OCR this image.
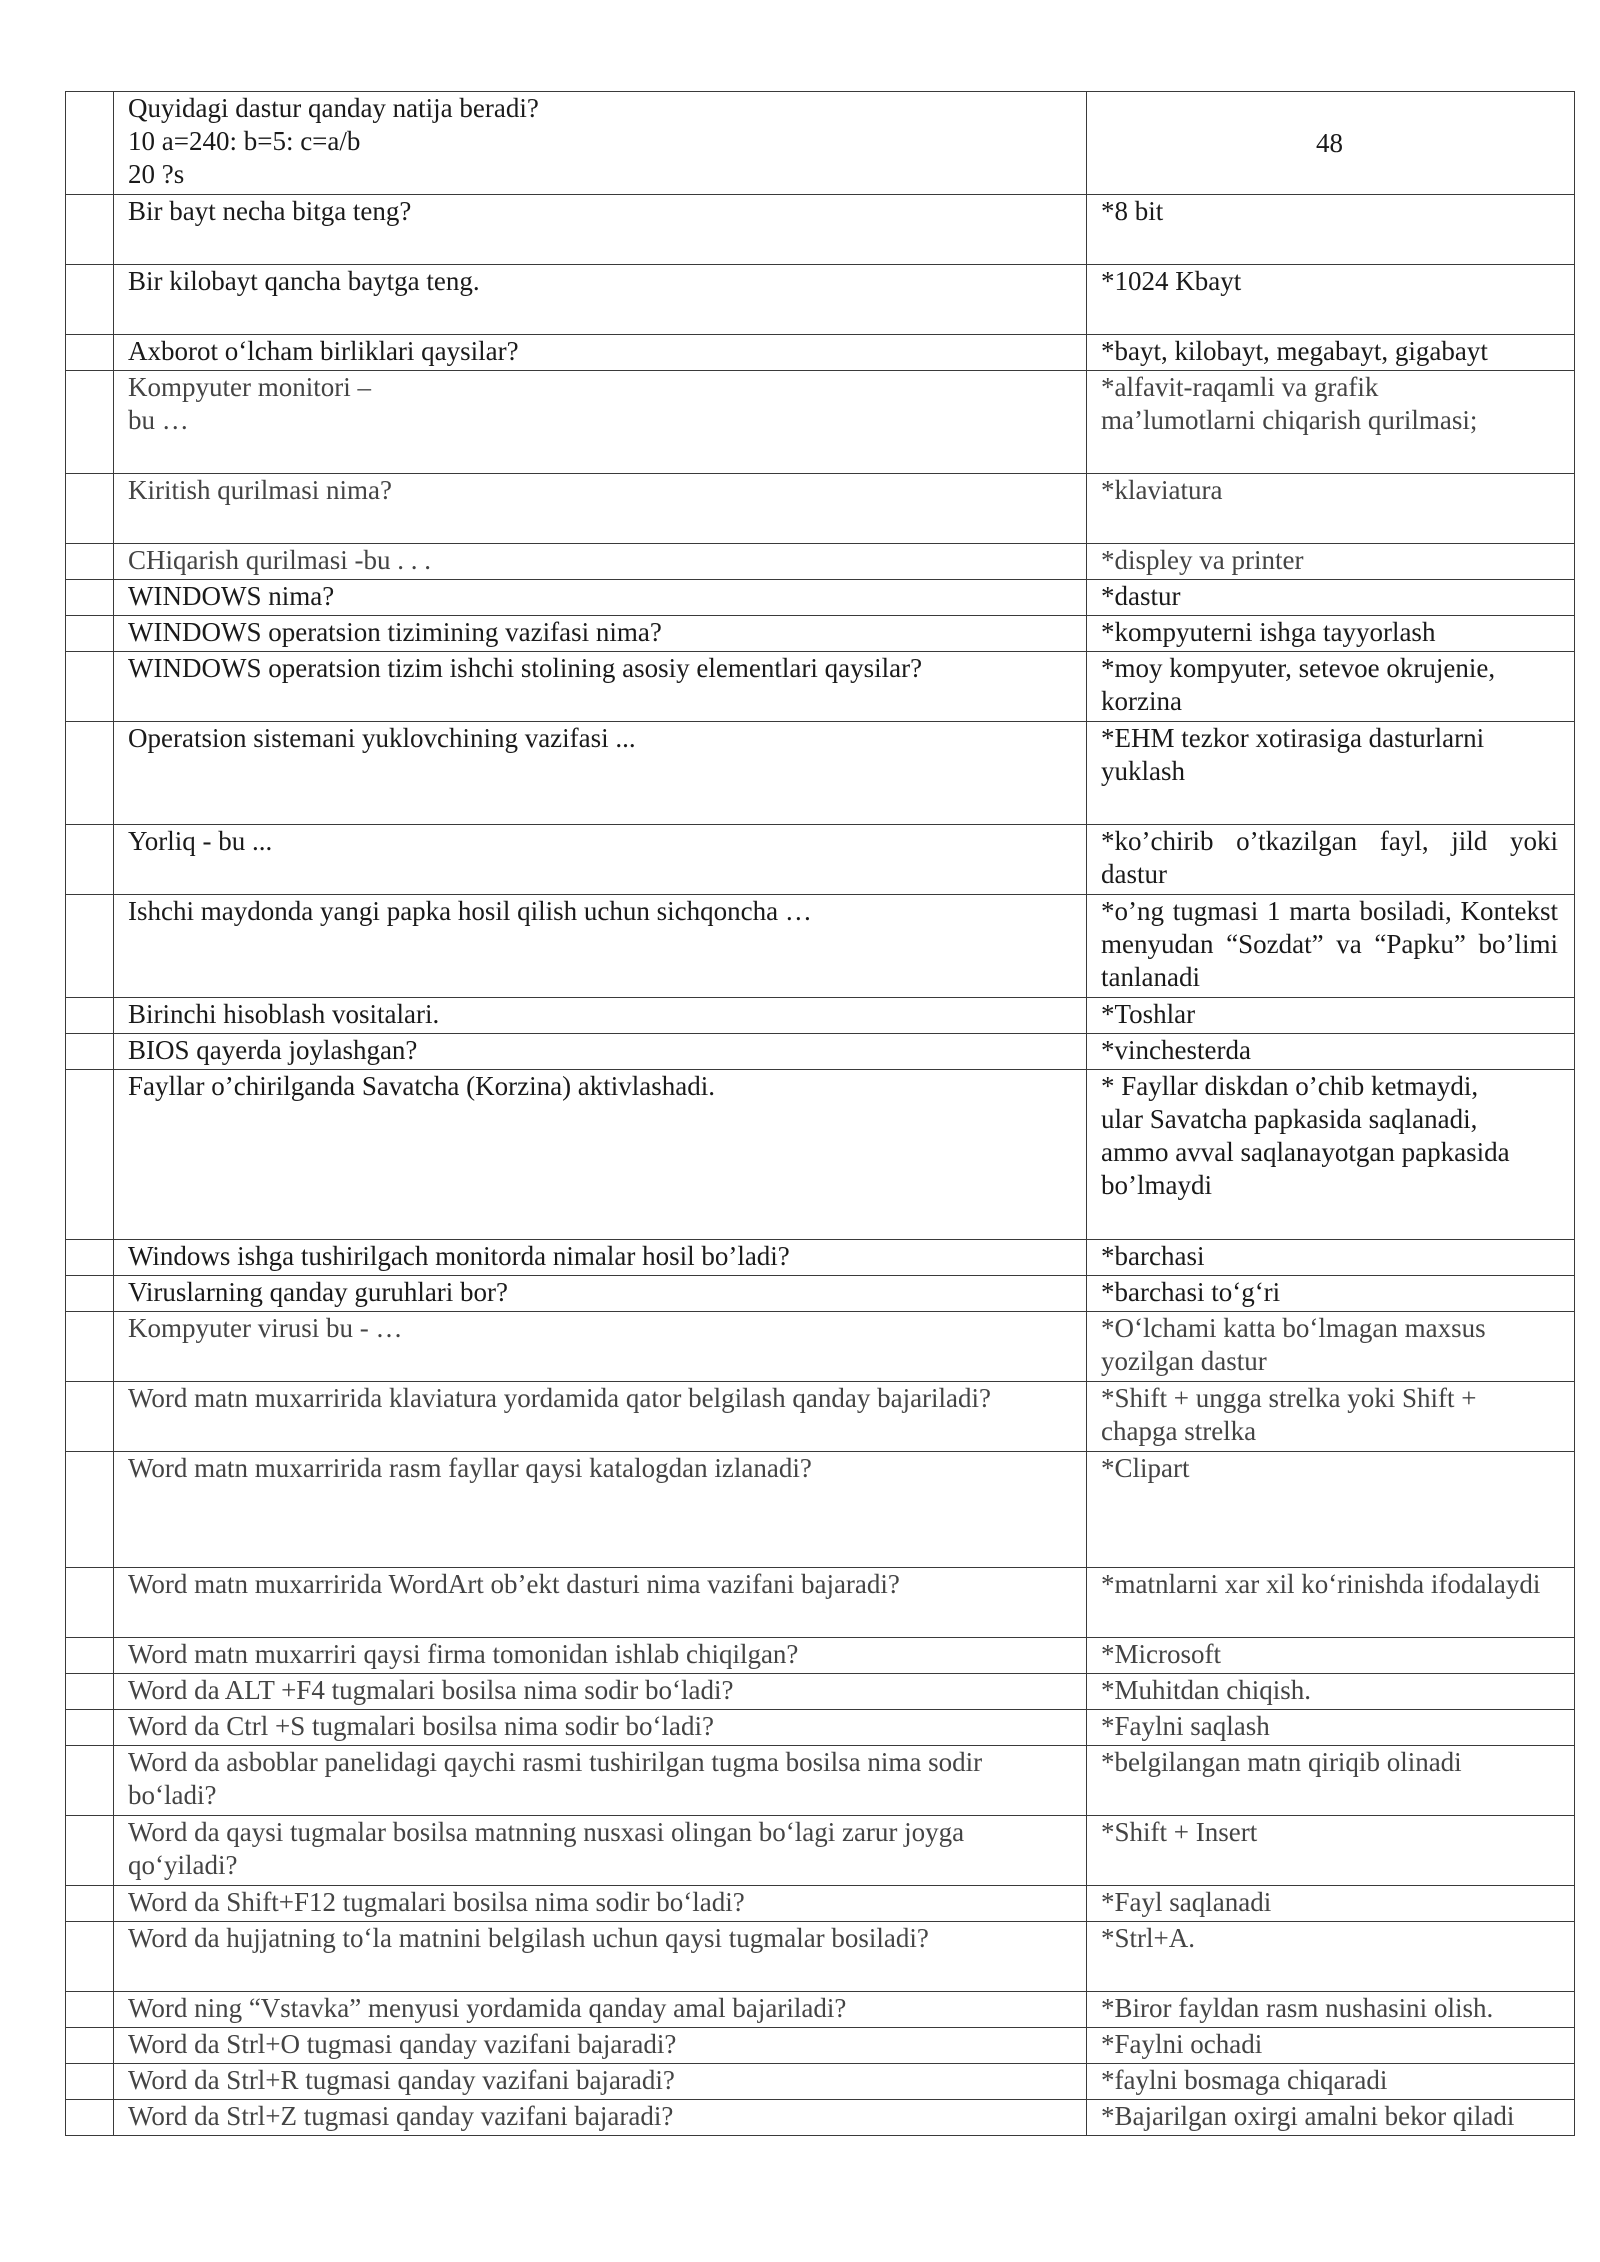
	Quyidagi dastur qanday natija beradi?
10 a=240: b=5: c=a/b
20 ?s	48
	Bir bayt necha bitga teng?	*8 bit
	Bir kilobayt qancha baytga teng.	*1024 Kbayt
	Axborot o‘lcham birliklari qaysilar?	*bayt, kilobayt, megabayt, gigabayt
	Kompyuter monitori –
bu …	*alfavit-raqamli va grafik
ma’lumotlarni chiqarish qurilmasi;
	Kiritish qurilmasi nima?	*klaviatura
	CHiqarish qurilmasi -bu . . .	*displey va printer
	WINDOWS nima?	*dastur
	WINDOWS operatsion tizimining vazifasi nima?	*kompyuterni ishga tayyorlash
	WINDOWS operatsion tizim ishchi stolining asosiy elementlari qaysilar?	*moy kompyuter, setevoe okrujenie, korzina
	Operatsion sistemani yuklovchining vazifasi ...	*EHM tezkor xotirasiga dasturlarni yuklash
	Yorliq - bu ...	*ko’chirib o’tkazilgan fayl, jild yoki dastur
	Ishchi maydonda yangi papka hosil qilish uchun sichqoncha …	*o’ng tugmasi 1 marta bosiladi, Kontekst menyudan “Sozdat” va “Papku” bo’limi tanlanadi
	Birinchi hisoblash vositalari.	*Toshlar
	BIOS qayerda joylashgan?	*vinchesterda
	Fayllar o’chirilganda Savatcha (Korzina) aktivlashadi.	* Fayllar diskdan o’chib ketmaydi,
ular Savatcha papkasida saqlanadi,
ammo avval saqlanayotgan papkasida
bo’lmaydi
	Windows ishga tushirilgach monitorda nimalar hosil bo’ladi?	*barchasi
	Viruslarning qanday guruhlari bor?	*barchasi to‘g‘ri
	Kompyuter virusi bu - …	*O‘lchami katta bo‘lmagan maxsus yozilgan dastur
	Word matn muxarririda klaviatura yordamida qator belgilash qanday bajariladi?	*Shift + ungga strelka yoki Shift + chapga strelka
	Word matn muxarririda rasm fayllar qaysi katalogdan izlanadi?	*Clipart
	Word matn muxarririda WordArt ob’ekt dasturi nima vazifani bajaradi?	*matnlarni xar xil ko‘rinishda ifodalaydi
	Word matn muxarriri qaysi firma tomonidan ishlab chiqilgan?	*Microsoft
	Word da ALT +F4 tugmalari bosilsa nima sodir bo‘ladi?	*Muhitdan chiqish.
	Word da Ctrl +S tugmalari bosilsa nima sodir bo‘ladi?	*Faylni saqlash
	Word da asboblar panelidagi qaychi rasmi tushirilgan tugma bosilsa nima sodir bo‘ladi?	*belgilangan matn qiriqib olinadi
	Word da qaysi tugmalar bosilsa matnning nusxasi olingan bo‘lagi zarur joyga qo‘yiladi?	*Shift + Insert
	Word da Shift+F12 tugmalari bosilsa nima sodir bo‘ladi?	*Fayl saqlanadi
	Word da hujjatning to‘la matnini belgilash uchun qaysi tugmalar bosiladi?	*Strl+A.
	Word ning “Vstavka” menyusi yordamida qanday amal bajariladi?	*Biror fayldan rasm nushasini olish.
	Word da Strl+O tugmasi qanday vazifani bajaradi?	*Faylni ochadi
	Word da Strl+R tugmasi qanday vazifani bajaradi?	*faylni bosmaga chiqaradi
	Word da Strl+Z tugmasi qanday vazifani bajaradi?	*Bajarilgan oxirgi amalni bekor qiladi
